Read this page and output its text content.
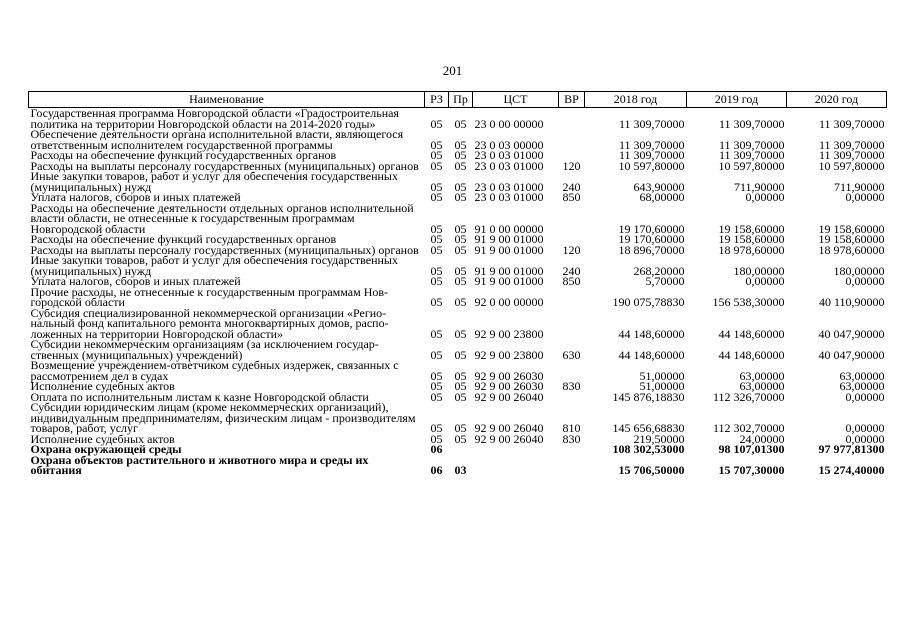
201
Наименование	РЗ	Пр	ЦСТ	ВР	2018 год	2019 год	2020 год
Государственная программа Новгородской области «Градостроительная политика на территории Новгородской области на 2014-2020 годы»	05	05	23 0 00 00000		11 309,70000	11 309,70000	11 309,70000
Обеспечение деятельности органа исполнительной власти, являющегося ответственным исполнителем государственной программы	05	05	23 0 03 00000		11 309,70000	11 309,70000	11 309,70000
Расходы на обеспечение функций государственных органов	05	05	23 0 03 01000		11 309,70000	11 309,70000	11 309,70000
Расходы на выплаты персоналу государственных (муниципальных) органов	05	05	23 0 03 01000	120	10 597,80000	10 597,80000	10 597,80000
Иные закупки товаров, работ и услуг для обеспечения государственных (муниципальных) нужд	05	05	23 0 03 01000	240	643,90000	711,90000	711,90000
Уплата налогов, сборов и иных платежей	05	05	23 0 03 01000	850	68,00000	0,00000	0,00000
Расходы на обеспечение деятельности отдельных органов исполнительной власти области, не отнесенные к государственным программам Новгородской области	05	05	91 0 00 00000		19 170,60000	19 158,60000	19 158,60000
Расходы на обеспечение функций государственных органов	05	05	91 9 00 01000		19 170,60000	19 158,60000	19 158,60000
Расходы на выплаты персоналу государственных (муниципальных) органов	05	05	91 9 00 01000	120	18 896,70000	18 978,60000	18 978,60000
Иные закупки товаров, работ и услуг для обеспечения государственных (муниципальных) нужд	05	05	91 9 00 01000	240	268,20000	180,00000	180,00000
Уплата налогов, сборов и иных платежей	05	05	91 9 00 01000	850	5,70000	0,00000	0,00000
Прочие расходы, не отнесенные к государственным программам Новгородской области	05	05	92 0 00 00000		190 075,78830	156 538,30000	40 110,90000
Субсидия специализированной некоммерческой организации «Региональный фонд капитального ремонта многоквартирных домов, расположенных на территории Новгородской области»	05	05	92 9 00 23800		44 148,60000	44 148,60000	40 047,90000
Субсидии некоммерческим организациям (за исключением государственных (муниципальных) учреждений)	05	05	92 9 00 23800	630	44 148,60000	44 148,60000	40 047,90000
Возмещение учреждением-ответчиком судебных издержек, связанных с рассмотрением дел в судах	05	05	92 9 00 26030		51,00000	63,00000	63,00000
Исполнение судебных актов	05	05	92 9 00 26030	830	51,00000	63,00000	63,00000
Оплата по исполнительным листам к казне Новгородской области	05	05	92 9 00 26040		145 876,18830	112 326,70000	0,00000
Субсидии юридическим лицам (кроме некоммерческих организаций), индивидуальным предпринимателям, физическим лицам - производителям товаров, работ, услуг	05	05	92 9 00 26040	810	145 656,68830	112 302,70000	0,00000
Исполнение судебных актов	05	05	92 9 00 26040	830	219,50000	24,00000	0,00000
Охрана окружающей среды	06				108 302,53000	98 107,01300	97 977,81300
Охрана объектов растительного и животного мира и среды их обитания	06	03			15 706,50000	15 707,30000	15 274,40000
